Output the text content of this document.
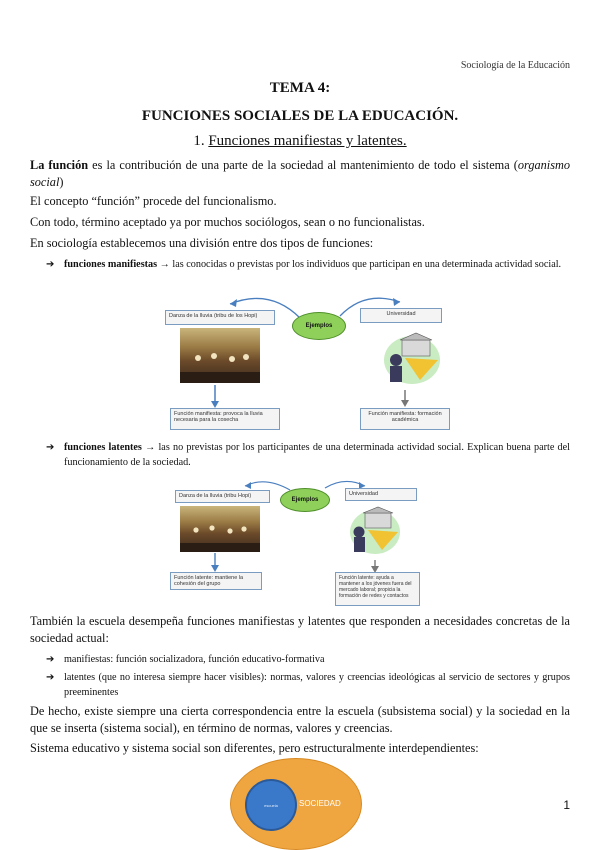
Sociología de la Educación
TEMA 4:
FUNCIONES SOCIALES DE LA EDUCACIÓN.
1. Funciones manifiestas y latentes.
La función es la contribución de una parte de la sociedad al mantenimiento de todo el sistema (organismo social)
El concepto “función” procede del funcionalismo.
Con todo, término aceptado ya por muchos sociólogos, sean o no funcionalistas.
En sociología establecemos una división entre dos tipos de funciones:
➔ funciones manifiestas → las conocidas o previstas por los individuos que participan en una determinada actividad social.
Danza de la lluvia (tribu de los Hopi)
Ejemplos
Universidad
Función manifiesta: provoca la lluvia necesaria para la cosecha
Función manifiesta: formación académica
➔ funciones latentes → las no previstas por los participantes de una determinada actividad social. Explican buena parte del funcionamiento de la sociedad.
Danza de la lluvia (tribu Hopi)
Ejemplos
Universidad
Función latente: mantiene la cohesión del grupo
Función latente: ayuda a mantener a los jóvenes fuera del mercado laboral; propicia la formación de redes y contactos
También la escuela desempeña funciones manifiestas y latentes que responden a necesidades concretas de la sociedad actual:
➔ manifiestas: función socializadora, función educativo-formativa
➔ latentes (que no interesa siempre hacer visibles): normas, valores y creencias ideológicas al servicio de sectores y grupos preeminentes
De hecho, existe siempre una cierta correspondencia entre la escuela (subsistema social) y la sociedad en la que se inserta (sistema social), en término de normas, valores y creencias.
Sistema educativo y sistema social son diferentes, pero estructuralmente interdependientes:
escuela	SOCIEDAD	1
